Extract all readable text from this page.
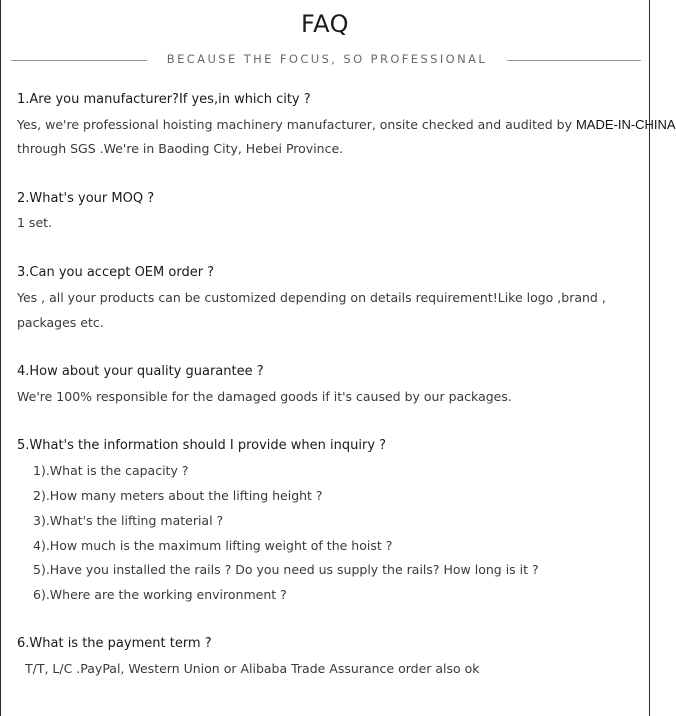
FAQ
BECAUSE THE FOCUS, SO PROFESSIONAL
1.Are you manufacturer?If yes,in which city ?
Yes, we're professional hoisting machinery manufacturer, onsite checked and audited by MADE-IN-CHINA
through SGS .We're in Baoding City, Hebei Province.
2.What's your MOQ ?
1 set.
3.Can you accept OEM order ?
Yes , all your products can be customized depending on details requirement!Like logo ,brand ,
packages etc.
4.How about your quality guarantee ?
We're 100% responsible for the damaged goods if it's caused by our packages.
5.What's the information should I provide when inquiry ?
1).What is the capacity ?
2).How many meters about the lifting height ?
3).What's the lifting material ?
4).How much is the maximum lifting weight of the hoist ?
5).Have you installed the rails ? Do you need us supply the rails? How long is it ?
6).Where are the working environment ?
6.What is the payment term ?
T/T, L/C .PayPal, Western Union or Alibaba Trade Assurance order also ok
